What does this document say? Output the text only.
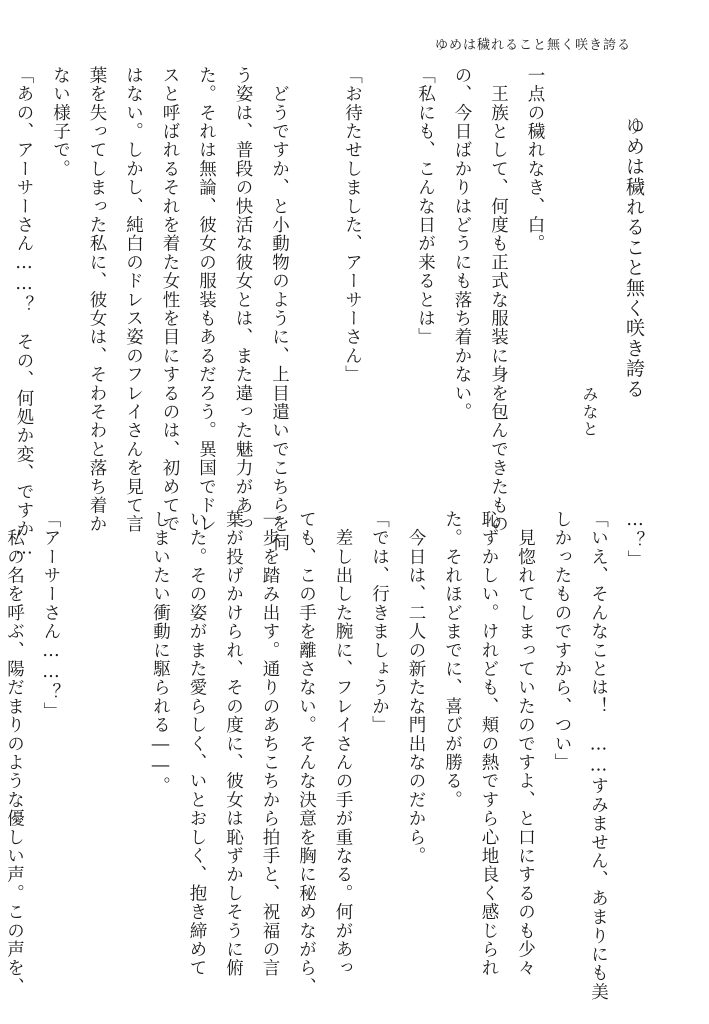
ゆめは穢れること無く咲き誇る
ゆめは穢れること無く咲き誇る
みなと
一点の穢れなき、白。
　王族として、何度も正式な服装に身を包んできたもの
の、今日ばかりはどうにも落ち着かない。
「私にも、こんな日が来るとは」
「お待たせしました、アーサーさん」
　どうですか、と小動物のように、上目遣いでこちらを伺
う姿は、普段の快活な彼女とは、また違った魅力があっ
た。それは無論、彼女の服装もあるだろう。異国でドレ
スと呼ばれるそれを着た女性を目にするのは、初めてで
はない。しかし、純白のドレス姿のフレイさんを見て言
葉を失ってしまった私に、彼女は、そわそわと落ち着か
ない様子で。
「あの、アーサーさん……？　その、何処か変、ですか…	…？」
「いえ、そんなことは！　……すみません、あまりにも美
しかったものですから、つい」
　見惚れてしまっていたのですよ、と口にするのも少々
恥ずかしい。けれども、頬の熱ですら心地良く感じられ
た。それほどまでに、喜びが勝る。
　今日は、二人の新たな門出なのだから。
「では、行きましょうか」
　差し出した腕に、フレイさんの手が重なる。何があっ
ても、この手を離さない。そんな決意を胸に秘めながら、
一歩を踏み出す。通りのあちこちから拍手と、祝福の言
葉が投げかけられ、その度に、彼女は恥ずかしそうに俯
いた。その姿がまた愛らしく、いとおしく、抱き締めて
しまいたい衝動に駆られる――。
「アーサーさん……？」
　私の名を呼ぶ、陽だまりのような優しい声。この声を、
